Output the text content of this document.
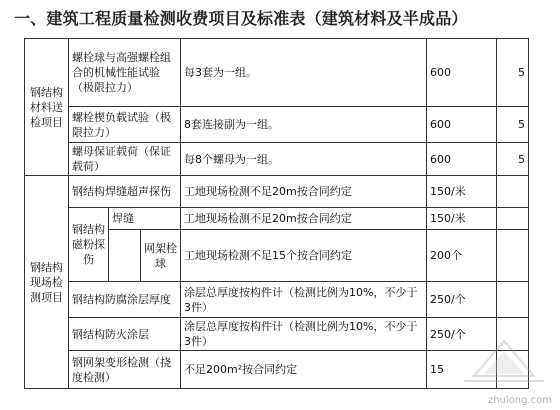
一、建筑工程质量检测收费项目及标准表（建筑材料及半成品）
钢结构材料送检项目	螺栓球与高强螺栓组合的机械性能试验（极限拉力）			每3套为一组。	600	5
	螺栓楔负载试验（极限拉力）			8套连接副为一组。	600	5
	螺母保证载荷（保证载荷）			每8个螺母为一组。	600	5
钢结构现场检测项目	钢结构焊缝超声探伤			工地现场检测不足20m按合同约定	150/米	
	钢结构磁粉探伤	焊缝		工地现场检测不足20m按合同约定	150/米	
			网架栓球	工地现场检测不足15个按合同约定	200个	
	钢结构防腐涂层厚度			涂层总厚度按构件计（检测比例为10%，不少于3件）	250/个	
	钢结构防火涂层			涂层总厚度按构件计（检测比例为10%，不少于3件）	250/个	
	钢网架变形检测（挠度检测）			不足200m²按合同约定	15	
zhulong.com
